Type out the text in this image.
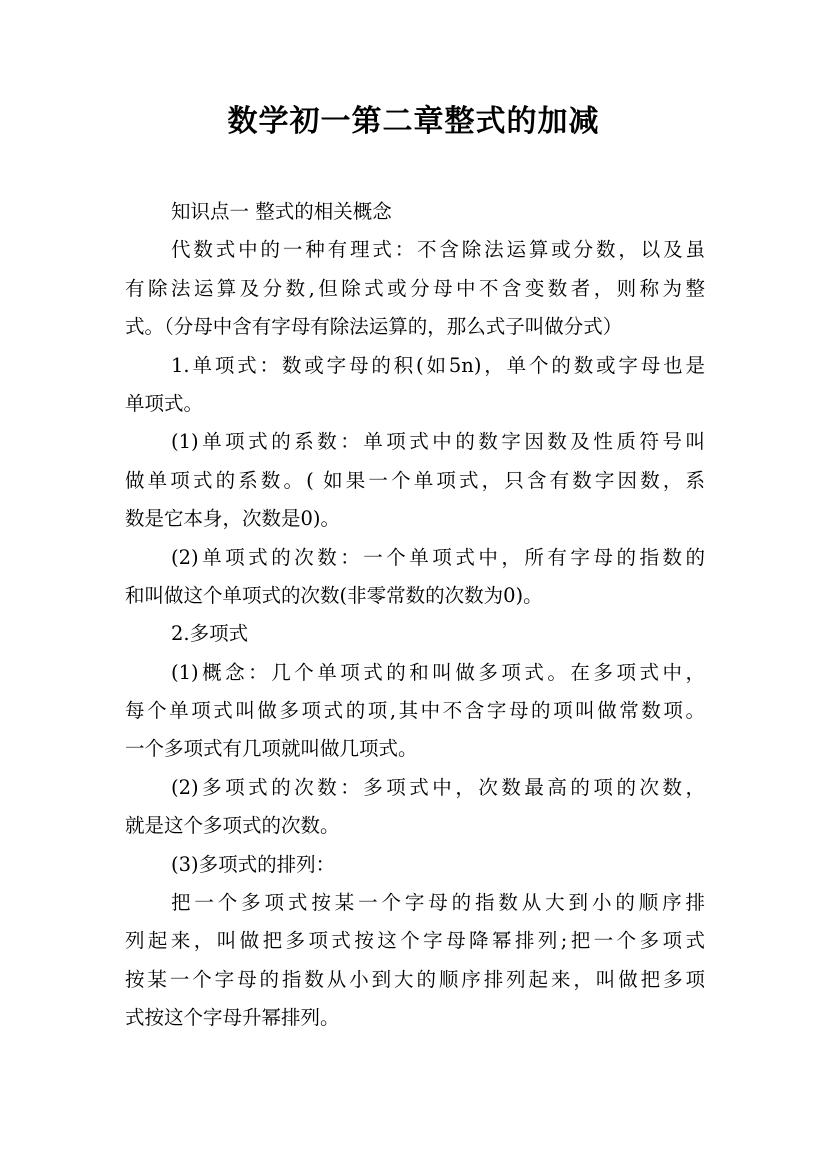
数学初一第二章整式的加减
知识点一 整式的相关概念
代数式中的一种有理式：不含除法运算或分数，以及虽
有除法运算及分数,但除式或分母中不含变数者，则称为整
式。（分母中含有字母有除法运算的，那么式子叫做分式）
1.单项式：数或字母的积(如5n)，单个的数或字母也是
单项式。
(1)单项式的系数：单项式中的数字因数及性质符号叫
做单项式的系数。( 如果一个单项式，只含有数字因数，系
数是它本身，次数是0)。
(2)单项式的次数：一个单项式中，所有字母的指数的
和叫做这个单项式的次数(非零常数的次数为0)。
2.多项式
(1)概念：几个单项式的和叫做多项式。在多项式中，
每个单项式叫做多项式的项,其中不含字母的项叫做常数项。
一个多项式有几项就叫做几项式。
(2)多项式的次数：多项式中，次数最高的项的次数，
就是这个多项式的次数。
(3)多项式的排列：
把一个多项式按某一个字母的指数从大到小的顺序排
列起来，叫做把多项式按这个字母降幂排列;把一个多项式
按某一个字母的指数从小到大的顺序排列起来，叫做把多项
式按这个字母升幂排列。
